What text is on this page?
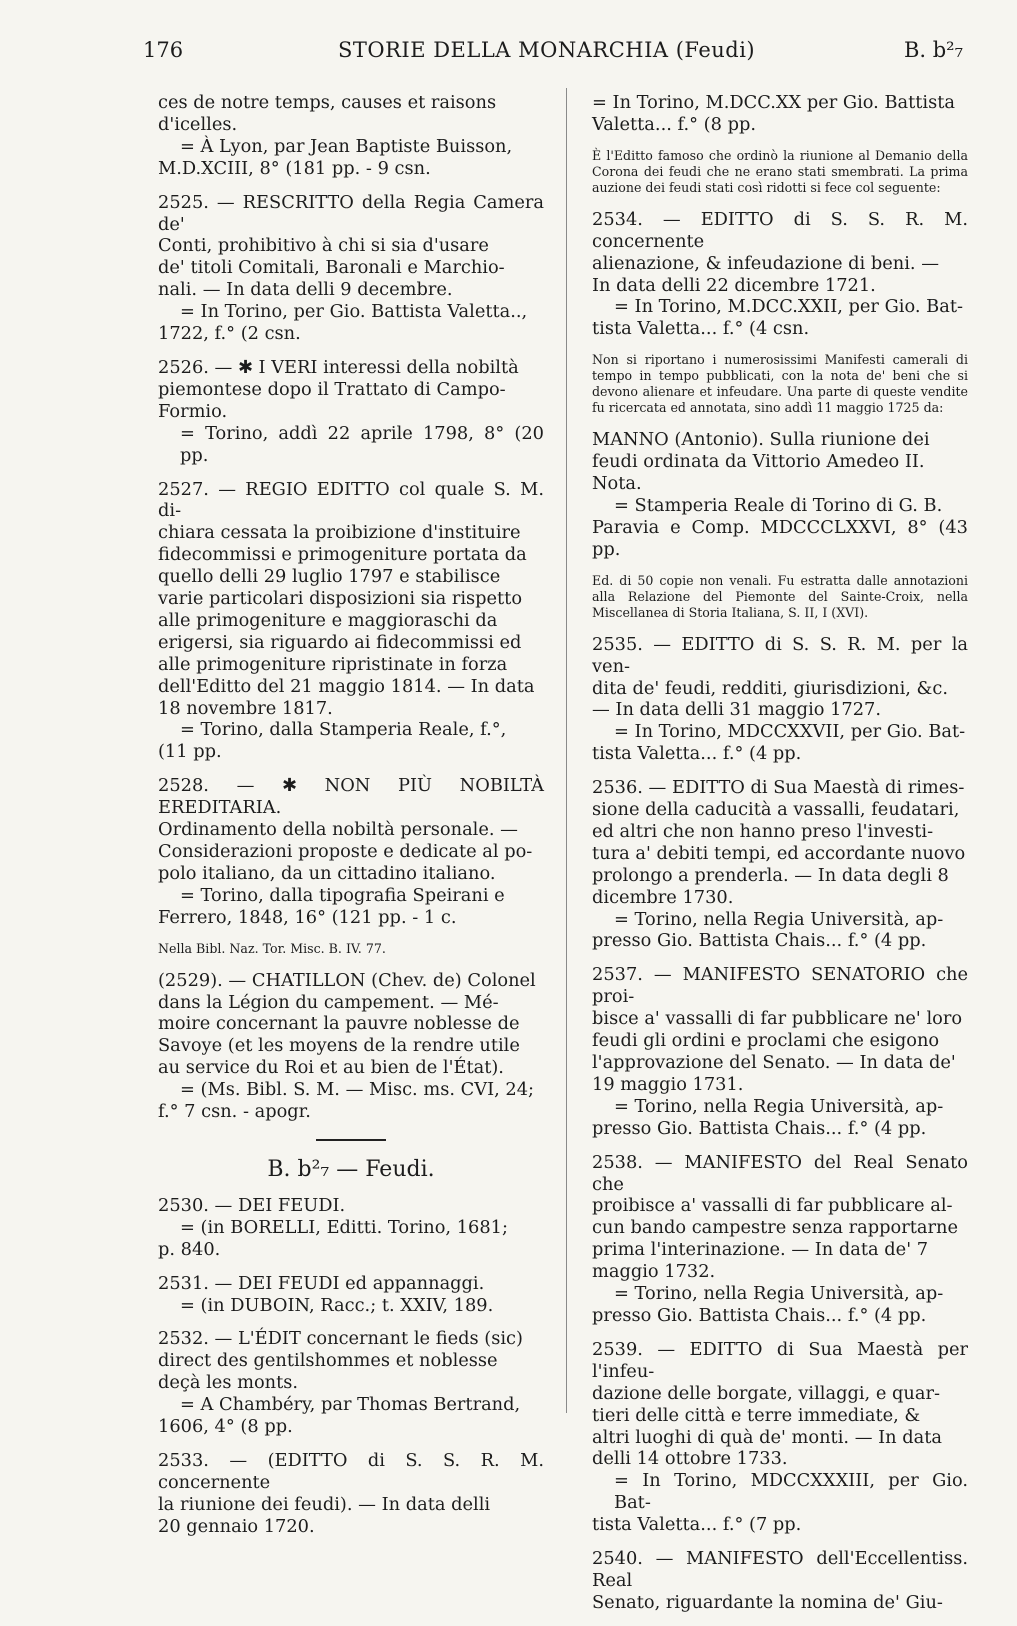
176	STORIE DELLA MONARCHIA (Feudi)	B. b²₇
ces de notre temps, causes et raisons
d'icelles.
= À Lyon, par Jean Baptiste Buisson,
M.D.XCIII, 8° (181 pp. - 9 csn.
2525. — RESCRITTO della Regia Camera de'
Conti, prohibitivo à chi si sia d'usare
de' titoli Comitali, Baronali e Marchio-
nali. — In data delli 9 decembre.
= In Torino, per Gio. Battista Valetta..,
1722, f.° (2 csn.
2526. — ✱ I VERI interessi della nobiltà
piemontese dopo il Trattato di Campo-
Formio.
= Torino, addì 22 aprile 1798, 8° (20 pp.
2527. — REGIO EDITTO col quale S. M. di-
chiara cessata la proibizione d'instituire
fidecommissi e primogeniture portata da
quello delli 29 luglio 1797 e stabilisce
varie particolari disposizioni sia rispetto
alle primogeniture e maggioraschi da
erigersi, sia riguardo ai fidecommissi ed
alle primogeniture ripristinate in forza
dell'Editto del 21 maggio 1814. — In data
18 novembre 1817.
= Torino, dalla Stamperia Reale, f.°,
(11 pp.
2528. — ✱ NON PIÙ NOBILTÀ EREDITARIA.
Ordinamento della nobiltà personale. —
Considerazioni proposte e dedicate al po-
polo italiano, da un cittadino italiano.
= Torino, dalla tipografia Speirani e
Ferrero, 1848, 16° (121 pp. - 1 c.
Nella Bibl. Naz. Tor. Misc. B. IV. 77.
(2529). — CHATILLON (Chev. de) Colonel
dans la Légion du campement. — Mé-
moire concernant la pauvre noblesse de
Savoye (et les moyens de la rendre utile
au service du Roi et au bien de l'État).
= (Ms. Bibl. S. M. — Misc. ms. CVI, 24;
f.° 7 csn. - apogr.
B. b²₇ — Feudi.
2530. — DEI FEUDI.
= (in BORELLI, Editti. Torino, 1681;
p. 840.
2531. — DEI FEUDI ed appannaggi.
= (in DUBOIN, Racc.; t. XXIV, 189.
2532. — L'ÉDIT concernant le fieds (sic)
direct des gentilshommes et noblesse
deçà les monts.
= A Chambéry, par Thomas Bertrand,
1606, 4° (8 pp.
2533. — (EDITTO di S. S. R. M. concernente
la riunione dei feudi). — In data delli
20 gennaio 1720.
= In Torino, M.DCC.XX per Gio. Battista
Valetta... f.° (8 pp.
È l'Editto famoso che ordinò la riunione al Demanio della Corona dei feudi che ne erano stati smembrati. La prima auzione dei feudi stati così ridotti si fece col seguente:
2534. — EDITTO di S. S. R. M. concernente
alienazione, & infeudazione di beni. —
In data delli 22 dicembre 1721.
= In Torino, M.DCC.XXII, per Gio. Bat-
tista Valetta... f.° (4 csn.
Non si riportano i numerosissimi Manifesti camerali di tempo in tempo pubblicati, con la nota de' beni che si devono alienare et infeudare. Una parte di queste vendite fu ricercata ed annotata, sino addì 11 maggio 1725 da:
MANNO (Antonio). Sulla riunione dei
feudi ordinata da Vittorio Amedeo II.
Nota.
= Stamperia Reale di Torino di G. B.
Paravia e Comp. MDCCCLXXVI, 8° (43 pp.
Ed. di 50 copie non venali. Fu estratta dalle annotazioni alla Relazione del Piemonte del Sainte-Croix, nella Miscellanea di Storia Italiana, S. II, I (XVI).
2535. — EDITTO di S. S. R. M. per la ven-
dita de' feudi, redditi, giurisdizioni, &c.
— In data delli 31 maggio 1727.
= In Torino, MDCCXXVII, per Gio. Bat-
tista Valetta... f.° (4 pp.
2536. — EDITTO di Sua Maestà di rimes-
sione della caducità a vassalli, feudatari,
ed altri che non hanno preso l'investi-
tura a' debiti tempi, ed accordante nuovo
prolongo a prenderla. — In data degli 8
dicembre 1730.
= Torino, nella Regia Università, ap-
presso Gio. Battista Chais... f.° (4 pp.
2537. — MANIFESTO SENATORIO che proi-
bisce a' vassalli di far pubblicare ne' loro
feudi gli ordini e proclami che esigono
l'approvazione del Senato. — In data de'
19 maggio 1731.
= Torino, nella Regia Università, ap-
presso Gio. Battista Chais... f.° (4 pp.
2538. — MANIFESTO del Real Senato che
proibisce a' vassalli di far pubblicare al-
cun bando campestre senza rapportarne
prima l'interinazione. — In data de' 7
maggio 1732.
= Torino, nella Regia Università, ap-
presso Gio. Battista Chais... f.° (4 pp.
2539. — EDITTO di Sua Maestà per l'infeu-
dazione delle borgate, villaggi, e quar-
tieri delle città e terre immediate, &
altri luoghi di quà de' monti. — In data
delli 14 ottobre 1733.
= In Torino, MDCCXXXIII, per Gio. Bat-
tista Valetta... f.° (7 pp.
2540. — MANIFESTO dell'Eccellentiss. Real
Senato, riguardante la nomina de' Giu-
